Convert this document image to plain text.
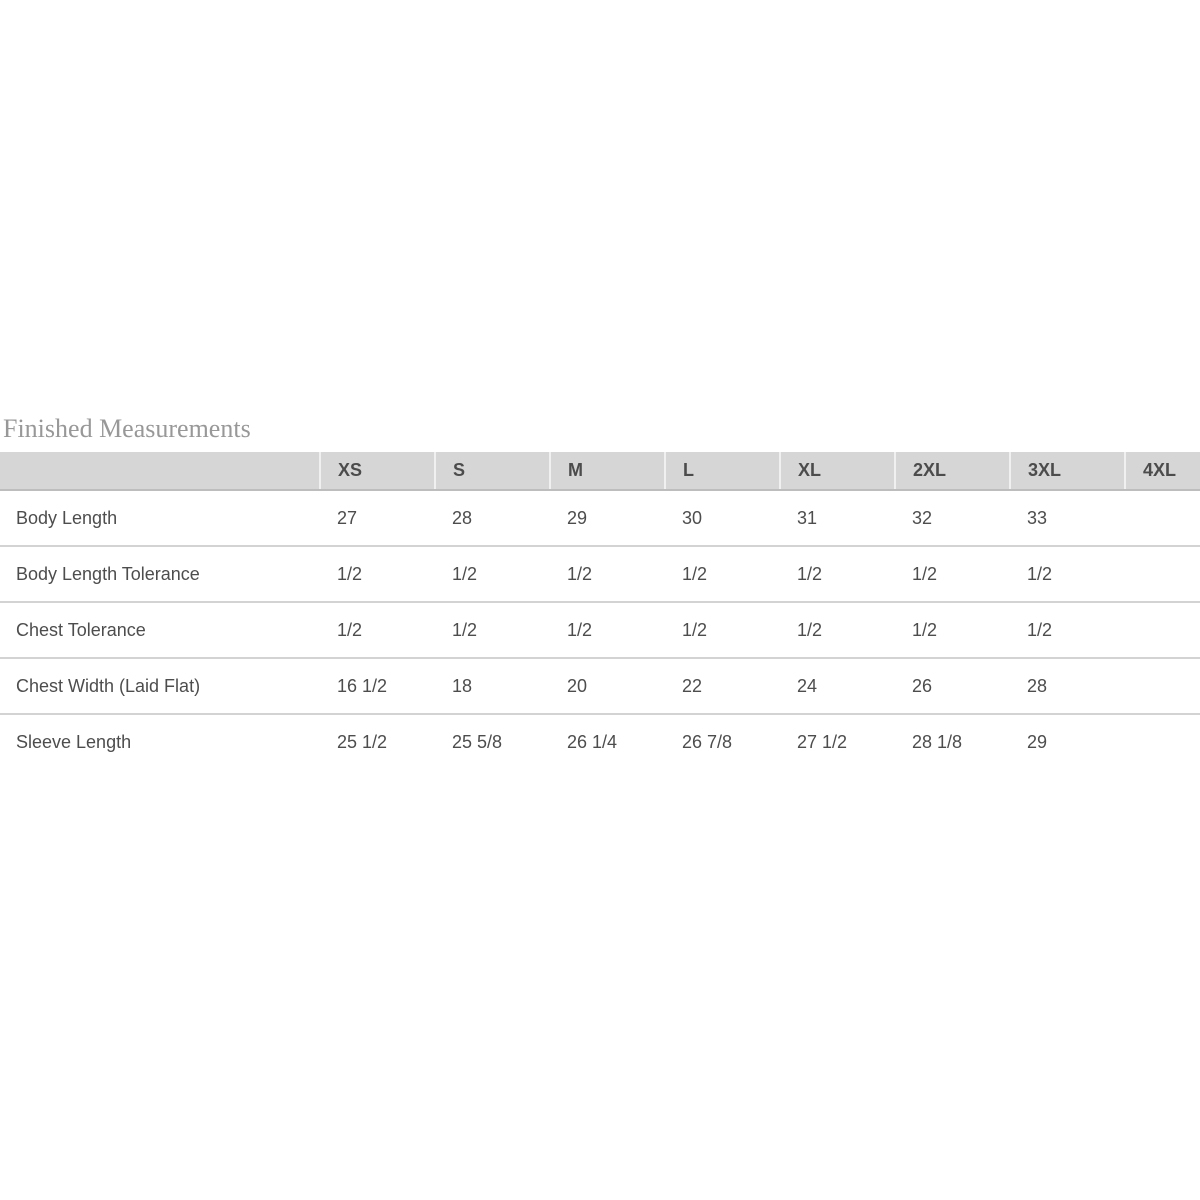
Finished Measurements
	XS	S	M	L	XL	2XL	3XL	4XL
Body Length	27	28	29	30	31	32	33	
Body Length Tolerance	1/2	1/2	1/2	1/2	1/2	1/2	1/2	
Chest Tolerance	1/2	1/2	1/2	1/2	1/2	1/2	1/2	
Chest Width (Laid Flat)	16 1/2	18	20	22	24	26	28	
Sleeve Length	25 1/2	25 5/8	26 1/4	26 7/8	27 1/2	28 1/8	29	
